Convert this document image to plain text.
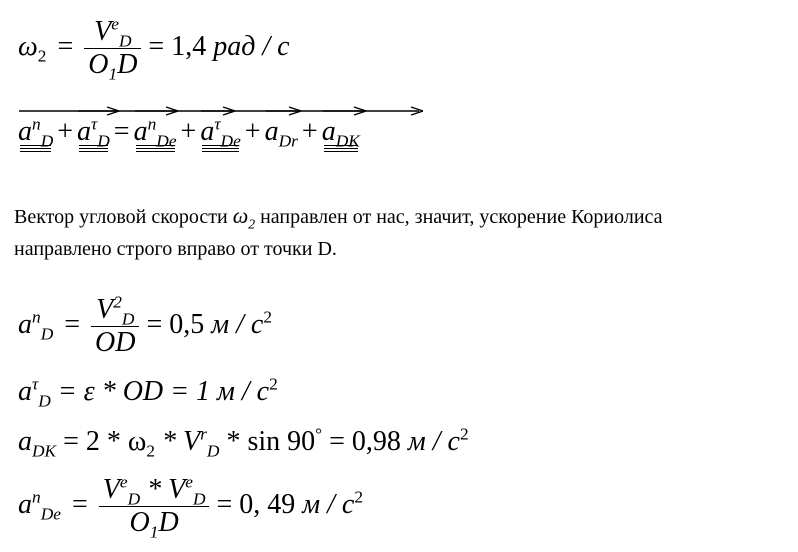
$\omega_2 = \frac{V^e_D}{O_1D} = 1,4$ рад / с
$a^n_D + a^\tau_D = a^n_{De} + a^\tau_{De} + a_{Dr} + a_{DK}$
Вектор угловой скорости $\omega_2$ направлен от нас, значит, ускорение Кориолиса
направлено строго вправо от точки D.
$a^n_D = \frac{V^2_D}{OD} = 0,5$ м / $с^2$
$a^\tau_D = \varepsilon$ * OD = 1 м / $с^2$
$a_{DK} = 2 * \omega_2 * V^r_D * \sin 90^\circ = 0,98$ м / $с^2$
$a^n_{De} = \frac{V^e_D * V^e_D}{O_1D} = 0$, 49 м / $с^2$
